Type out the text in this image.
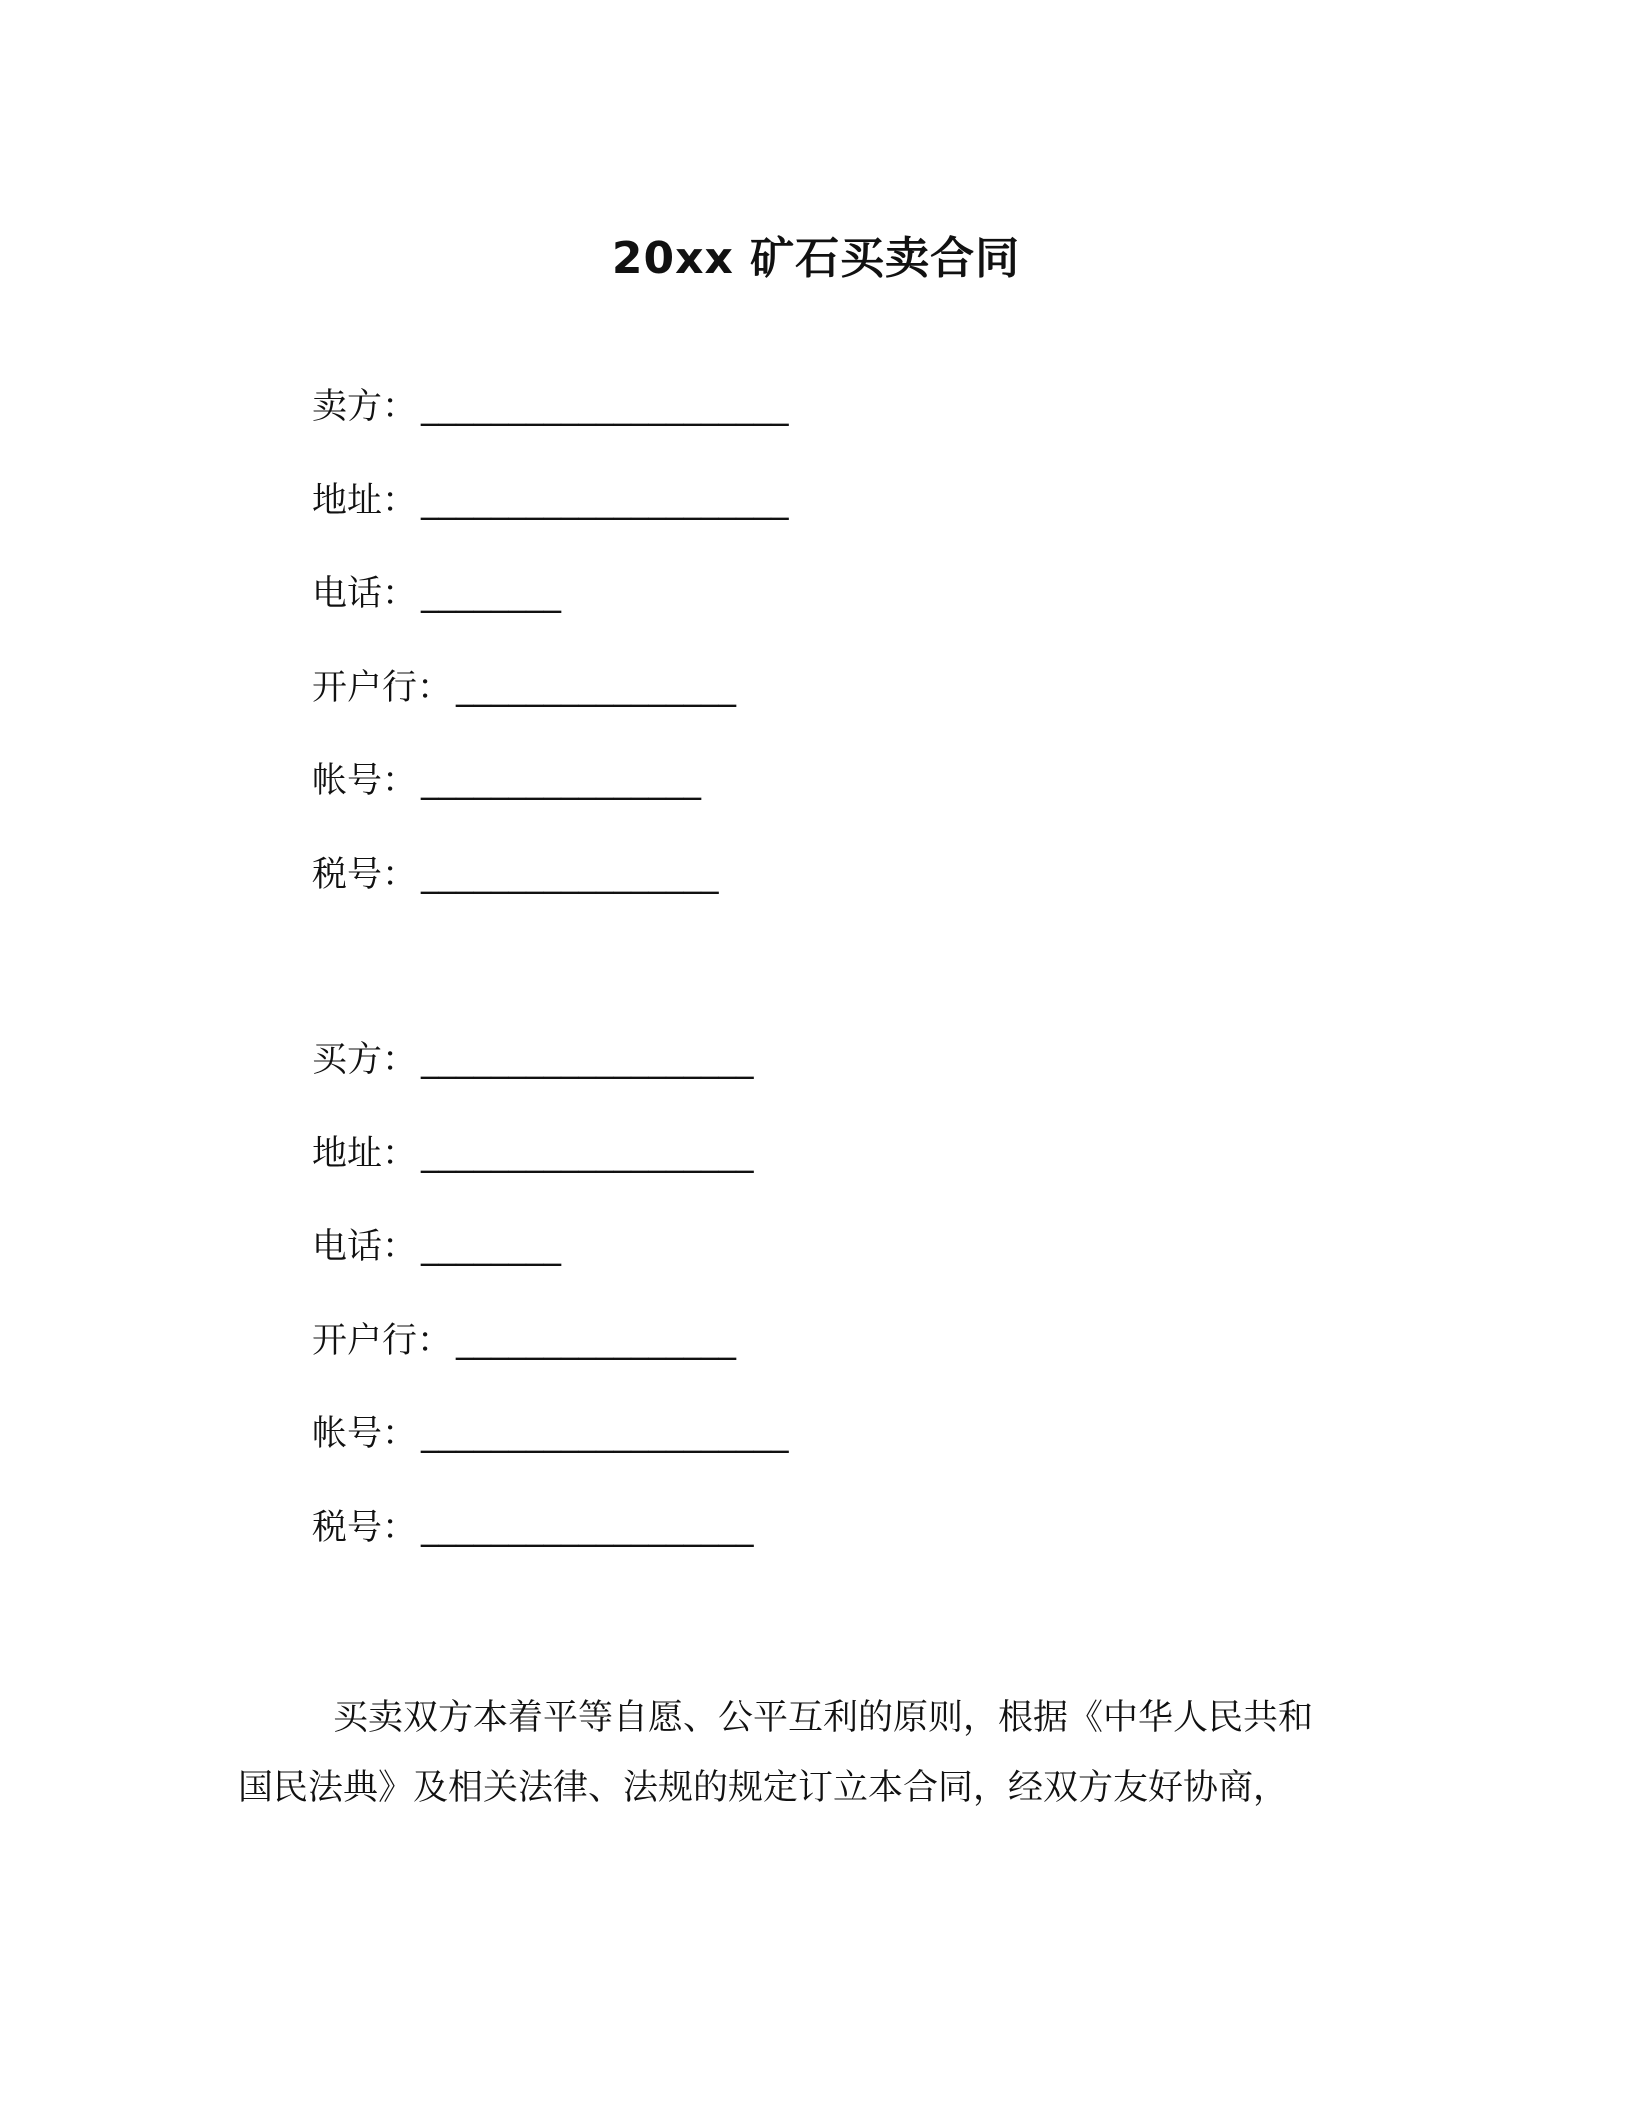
20xx 矿石买卖合同
卖方： _____________________
地址： _____________________
电话： ________
开户行： ________________
帐号： ________________
税号： _________________
买方： ___________________
地址： ___________________
电话： ________
开户行： ________________
帐号： _____________________
税号： ___________________
买卖双方本着平等自愿、公平互利的原则，根据《中华人民共和
国民法典》及相关法律、法规的规定订立本合同，经双方友好协商，
